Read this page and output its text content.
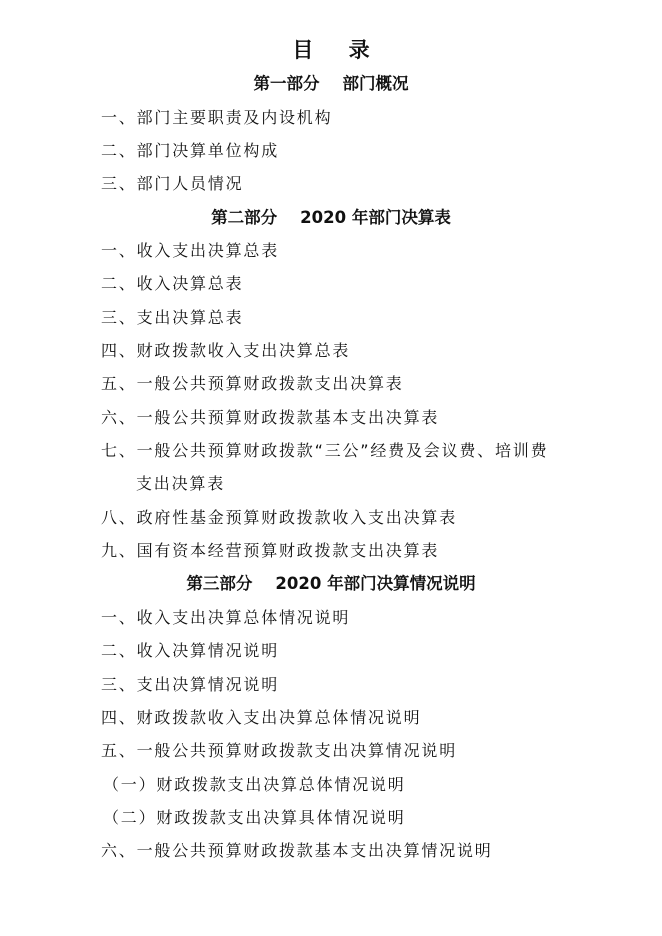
目 录
第一部分    部门概况
一、部门主要职责及内设机构
二、部门决算单位构成
三、部门人员情况
第二部分    2020 年部门决算表
一、收入支出决算总表
二、收入决算总表
三、支出决算总表
四、财政拨款收入支出决算总表
五、一般公共预算财政拨款支出决算表
六、一般公共预算财政拨款基本支出决算表
七、一般公共预算财政拨款“三公”经费及会议费、培训费
支出决算表
八、政府性基金预算财政拨款收入支出决算表
九、国有资本经营预算财政拨款支出决算表
第三部分    2020 年部门决算情况说明
一、收入支出决算总体情况说明
二、收入决算情况说明
三、支出决算情况说明
四、财政拨款收入支出决算总体情况说明
五、一般公共预算财政拨款支出决算情况说明
（一）财政拨款支出决算总体情况说明
（二）财政拨款支出决算具体情况说明
六、一般公共预算财政拨款基本支出决算情况说明
